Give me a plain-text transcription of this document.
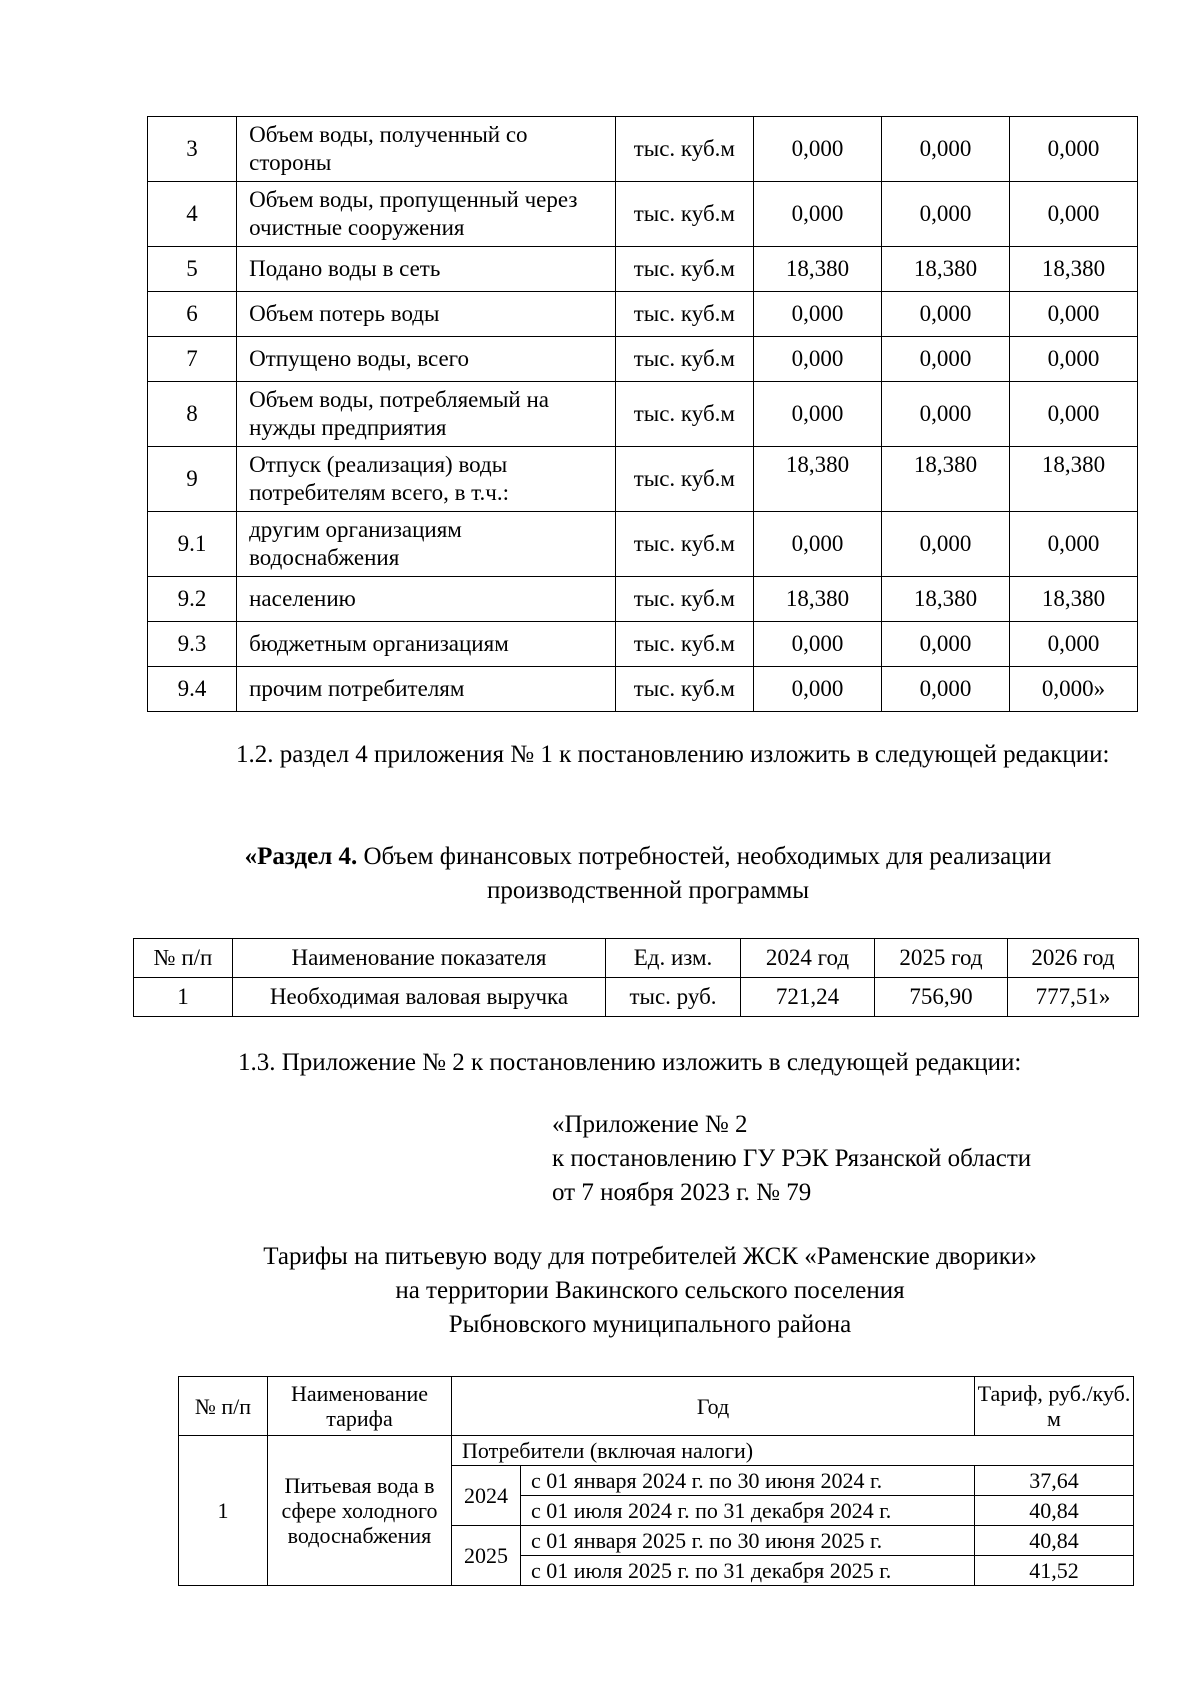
3	Объем воды, полученный со стороны	тыс. куб.м	0,000	0,000	0,000
4	Объем воды, пропущенный через очистные сооружения	тыс. куб.м	0,000	0,000	0,000
5	Подано воды в сеть	тыс. куб.м	18,380	18,380	18,380
6	Объем потерь воды	тыс. куб.м	0,000	0,000	0,000
7	Отпущено воды, всего	тыс. куб.м	0,000	0,000	0,000
8	Объем воды, потребляемый на нужды предприятия	тыс. куб.м	0,000	0,000	0,000
9	Отпуск (реализация) воды потребителям всего, в т.ч.:	тыс. куб.м	18,380	18,380	18,380
9.1	другим организациям водоснабжения	тыс. куб.м	0,000	0,000	0,000
9.2	населению	тыс. куб.м	18,380	18,380	18,380
9.3	бюджетным организациям	тыс. куб.м	0,000	0,000	0,000
9.4	прочим потребителям	тыс. куб.м	0,000	0,000	0,000»
1.2. раздел 4 приложения № 1 к постановлению изложить в следующей редакции:
«Раздел 4. Объем финансовых потребностей, необходимых для реализации производственной программы
№ п/п	Наименование показателя	Ед. изм.	2024 год	2025 год	2026 год
1	Необходимая валовая выручка	тыс. руб.	721,24	756,90	777,51»
1.3. Приложение № 2 к постановлению изложить в следующей редакции:
«Приложение № 2
к постановлению ГУ РЭК Рязанской области
от 7 ноября 2023 г. № 79
Тарифы на питьевую воду для потребителей ЖСК «Раменские дворики»
на территории Вакинского сельского поселения
Рыбновского муниципального района
№ п/п	Наименование тарифа	Год		Тариф, руб./куб. м
1	Питьевая вода в сфере холодного водоснабжения	Потребители (включая налоги)		
		2024	с 01 января 2024 г. по 30 июня 2024 г.	37,64
			с 01 июля 2024 г. по 31 декабря 2024 г.	40,84
		2025	с 01 января 2025 г. по 30 июня 2025 г.	40,84
			с 01 июля 2025 г. по 31 декабря 2025 г.	41,52
